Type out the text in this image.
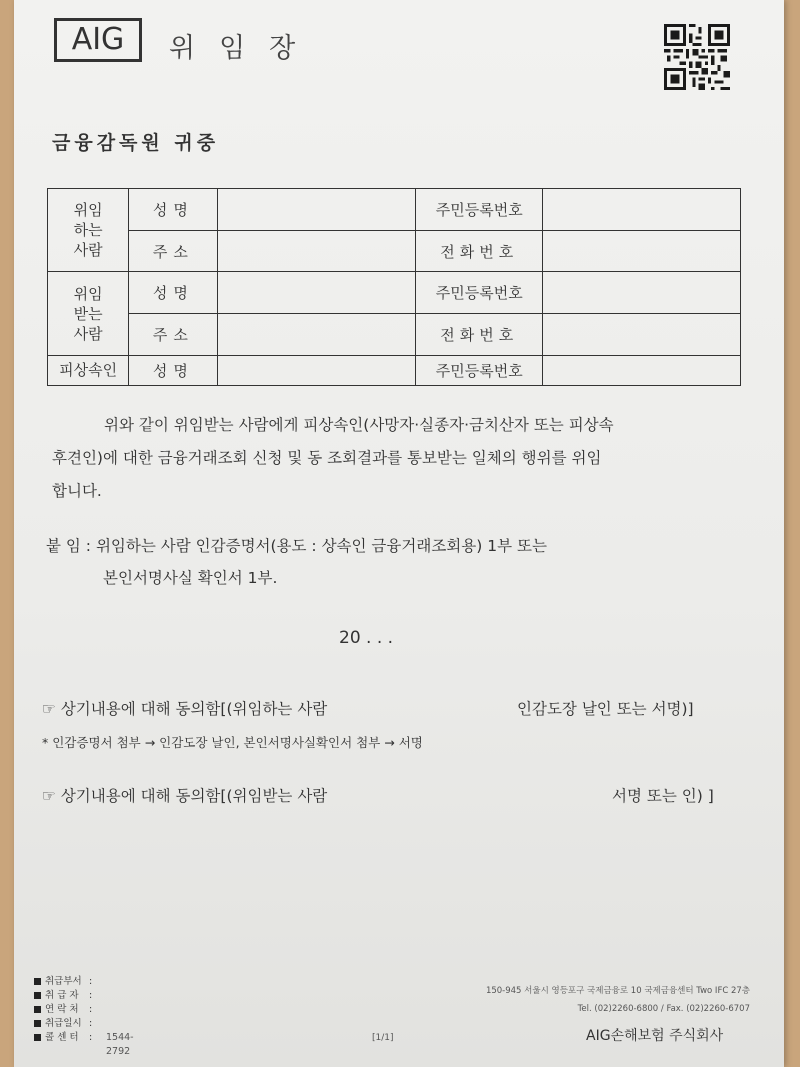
AIG	위임장
금융감독원 귀중
위임
하는
사람	성명		주민등록번호	
	주소		전화번호	
위임
받는
사람	성명		주민등록번호	
	주소		전화번호	
피상속인	성명		주민등록번호	
위와 같이 위임받는 사람에게 피상속인(사망자·실종자·금치산자 또는 피상속
후견인)에 대한 금융거래조회 신청 및 동 조회결과를 통보받는 일체의 행위를 위임
합니다.
붙 임 : 위임하는 사람 인감증명서(용도 : 상속인 금융거래조회용) 1부 또는
본인서명사실 확인서 1부.
20 . . .
☞ 상기내용에 대해 동의함[(위임하는 사람	인감도장 날인 또는 서명)]
* 인감증명서 첨부 → 인감도장 날인, 본인서명사실확인서 첨부 → 서명
☞ 상기내용에 대해 동의함[(위임받는 사람	서명 또는 인) ]
취급부서 :
취 급 자 :
연 락 처 :
취급일시 :
콜 센 터 : 1544-2792
150-945 서울시 영등포구 국제금융로 10 국제금융센터 Two IFC 27층
Tel. (02)2260-6800 / Fax. (02)2260-6707
[1/1]	AIG손해보험 주식회사
